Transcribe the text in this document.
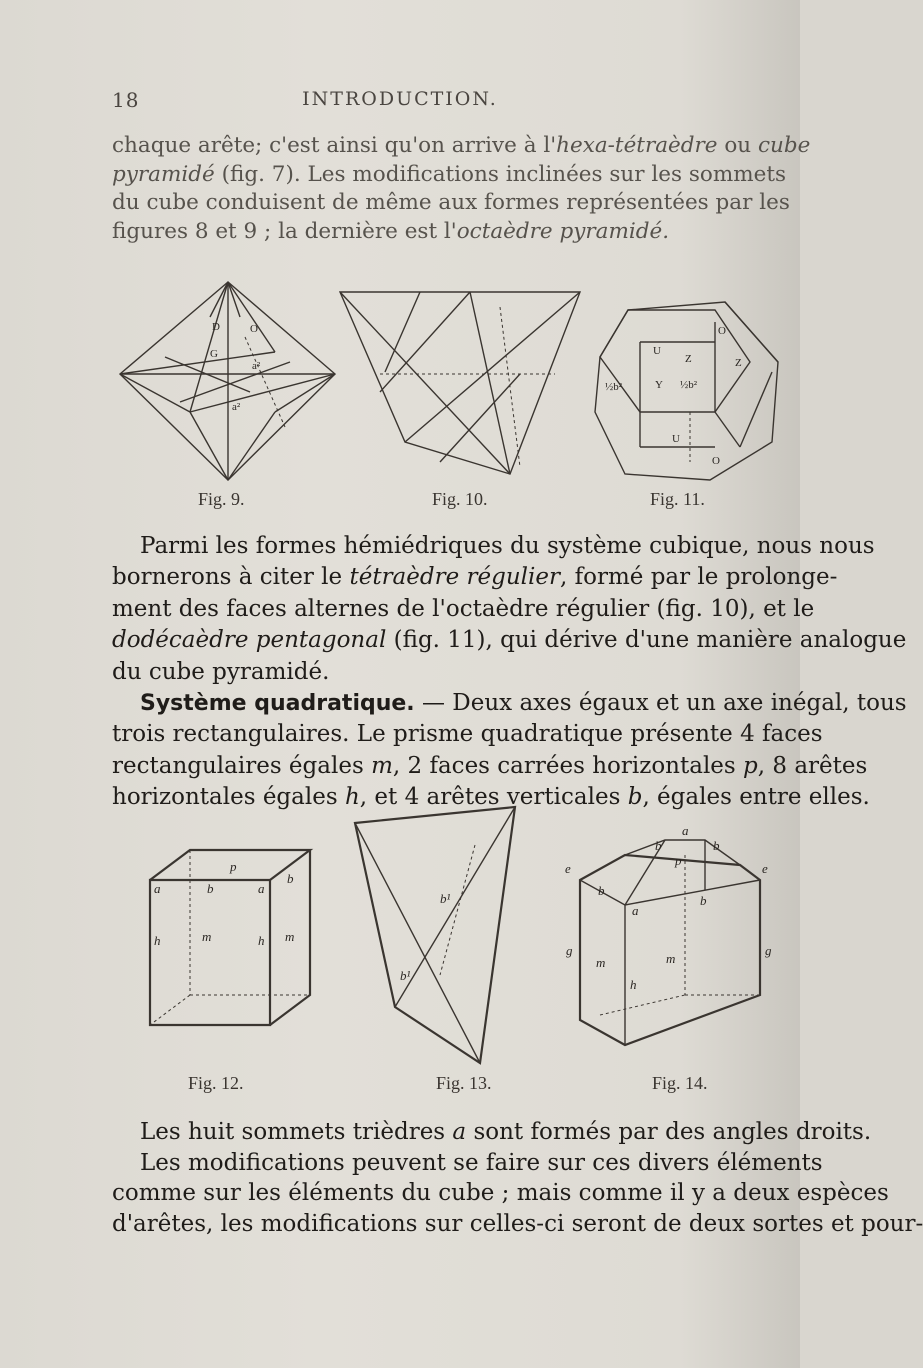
18	INTRODUCTION.
chaque arête; c'est ainsi qu'on arrive à l'hexa-tétraèdre ou cube
pyramidé (fig. 7). Les modifications inclinées sur les sommets
du cube conduisent de même aux formes représentées par les
figures 8 et 9 ; la dernière est l'octaèdre pyramidé.
D	O
G
a²
a²
O
U
Z	Z
½b²	Y ½b²
U
O
Fig. 9.	Fig. 10.	Fig. 11.
Parmi les formes hémiédriques du système cubique, nous nous
bornerons à citer le tétraèdre régulier, formé par le prolonge-
ment des faces alternes de l'octaèdre régulier (fig. 10), et le
dodécaèdre pentagonal (fig. 11), qui dérive d'une manière analogue
du cube pyramidé.
Système quadratique. — Deux axes égaux et un axe inégal, tous
trois rectangulaires. Le prisme quadratique présente 4 faces
rectangulaires égales m, 2 faces carrées horizontales p, 8 arêtes
horizontales égales h, et 4 arêtes verticales b, égales entre elles.
p
a	b	a
b
h	m	h m
b¹
b¹
a
b	b
e
p
e
b
b
a
g	g
m	m
h
Fig. 12.	Fig. 13.	Fig. 14.
Les huit sommets trièdres a sont formés par des angles droits.
Les modifications peuvent se faire sur ces divers éléments
comme sur les éléments du cube ; mais comme il y a deux espèces
d'arêtes, les modifications sur celles-ci seront de deux sortes et pour-
